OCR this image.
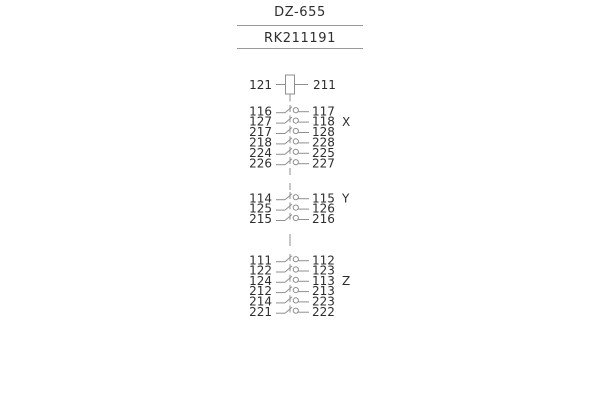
DZ-655
RK211191
121	211
116	117
127	118 X
217	128
218	228
224	225
226	227
114	115 Y
125	126
215	216
111	112
122	123
124	113 Z
212	213
214	223
221	222
